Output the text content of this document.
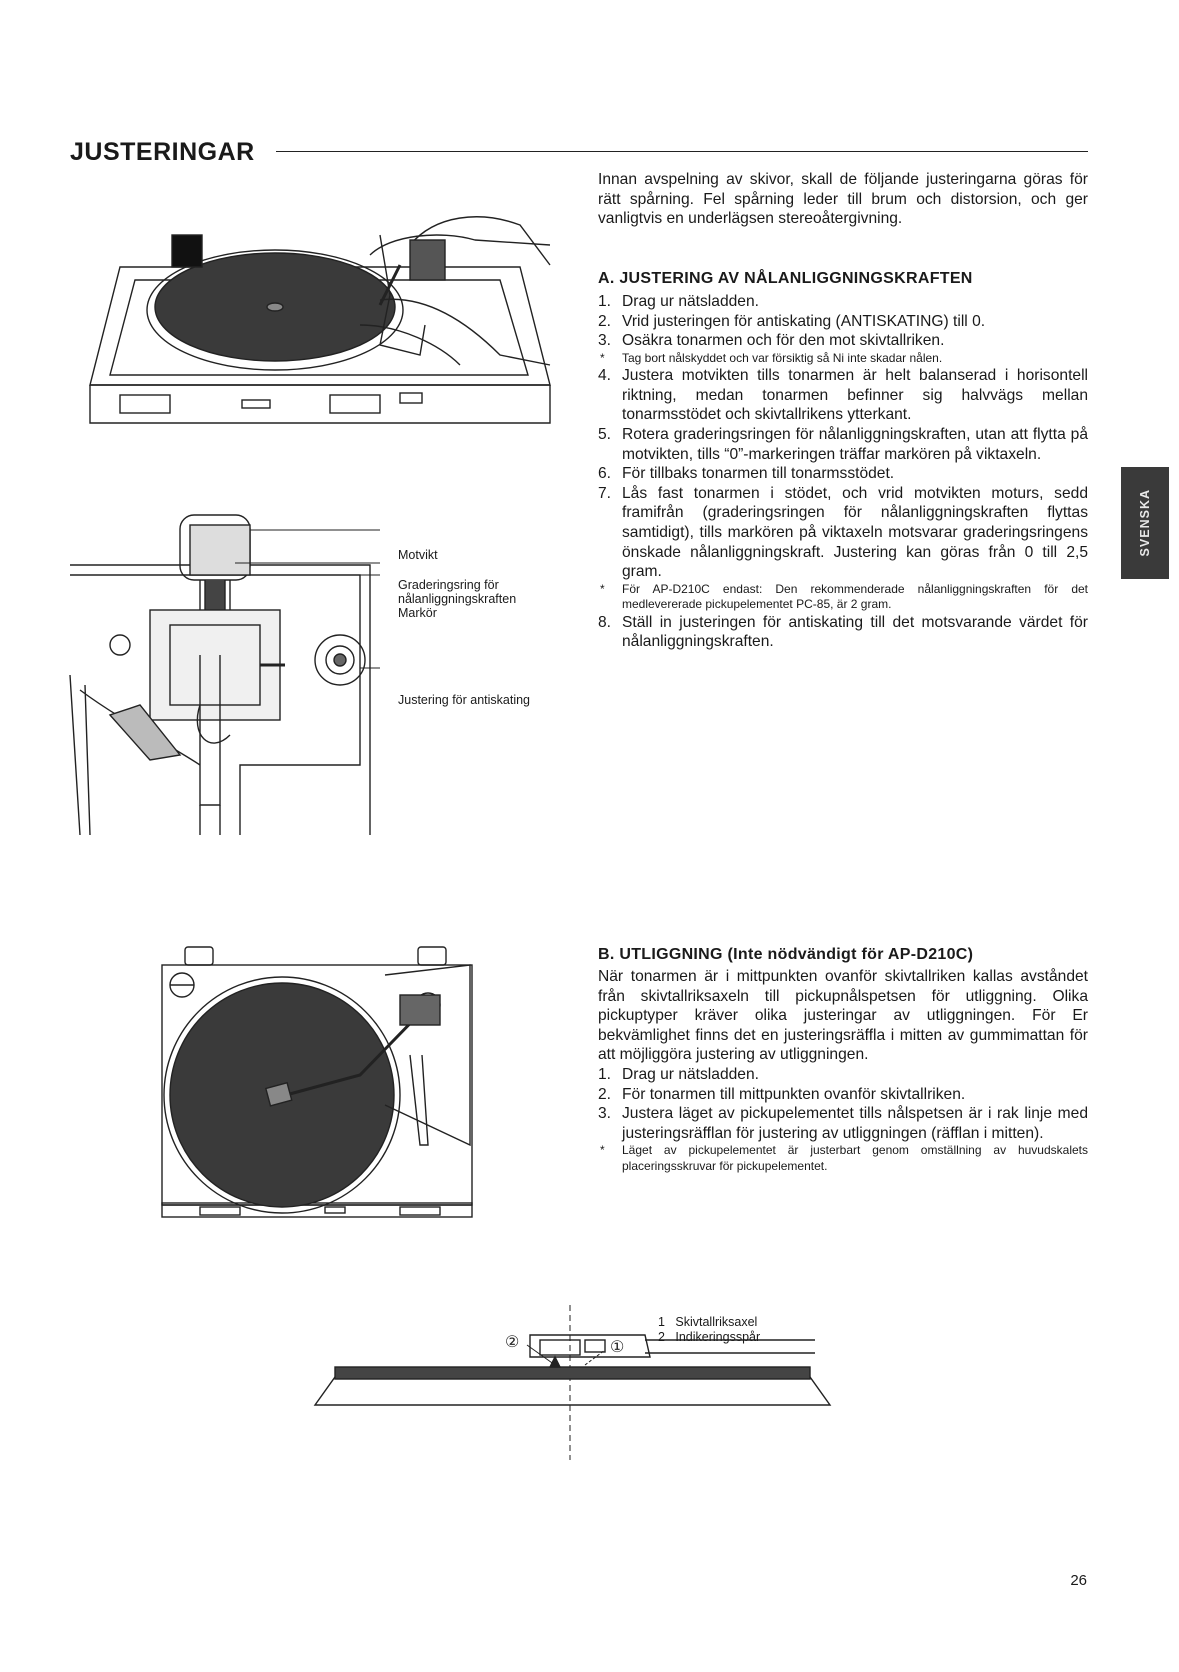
JUSTERINGAR
Innan avspelning av skivor, skall de följande justeringarna göras för rätt spårning. Fel spårning leder till brum och distorsion, och ger vanligtvis en underlägsen stereoåtergivning.
A. JUSTERING AV NÅLANLIGGNINGSKRAFTEN
1. Drag ur nätsladden.
2. Vrid justeringen för antiskating (ANTISKATING) till 0.
3. Osäkra tonarmen och för den mot skivtallriken.
*	Tag bort nålskyddet och var försiktig så Ni inte skadar nålen.
4. Justera motvikten tills tonarmen är helt balanserad i horisontell riktning, medan tonarmen befinner sig halvvägs mellan tonarmsstödet och skivtallrikens ytterkant.
5. Rotera graderingsringen för nålanliggningskraften, utan att flytta på motvikten, tills “0”-markeringen träffar markören på viktaxeln.
6. För tillbaks tonarmen till tonarmsstödet.
7. Lås fast tonarmen i stödet, och vrid motvikten moturs, sedd framifrån (graderingsringen för nålanliggningskraften flyttas samtidigt), tills markören på viktaxeln motsvarar graderingsringens önskade nålanliggningskraft. Justering kan göras från 0 till 2,5 gram.
*	För AP-D210C endast: Den rekommenderade nålanliggningskraften för det medlevererade pickupelementet PC-85, är 2 gram.
8. Ställ in justeringen för antiskating till det motsvarande värdet för nålanliggningskraften.
B. UTLIGGNING (Inte nödvändigt för AP-D210C)
När tonarmen är i mittpunkten ovanför skivtallriken kallas avståndet från skivtallriksaxeln till pickupnålspetsen för utliggning. Olika pickuptyper kräver olika justeringar av utliggningen. För Er bekvämlighet finns det en justeringsräffla i mitten av gummimattan för att möjliggöra justering av utliggningen.
1. Drag ur nätsladden.
2. För tonarmen till mittpunkten ovanför skivtallriken.
3. Justera läget av pickupelementet tills nålspetsen är i rak linje med justeringsräfflan för justering av utliggningen (räfflan i mitten).
*	Läget av pickupelementet är justerbart genom omställning av huvudskalets placeringsskruvar för pickupelementet.
SVENSKA
Motvikt
Graderingsring för
nålanliggningskraften
Markör
Justering för antiskating
①
②
1 Skivtallriksaxel
2 Indikeringsspår
26
